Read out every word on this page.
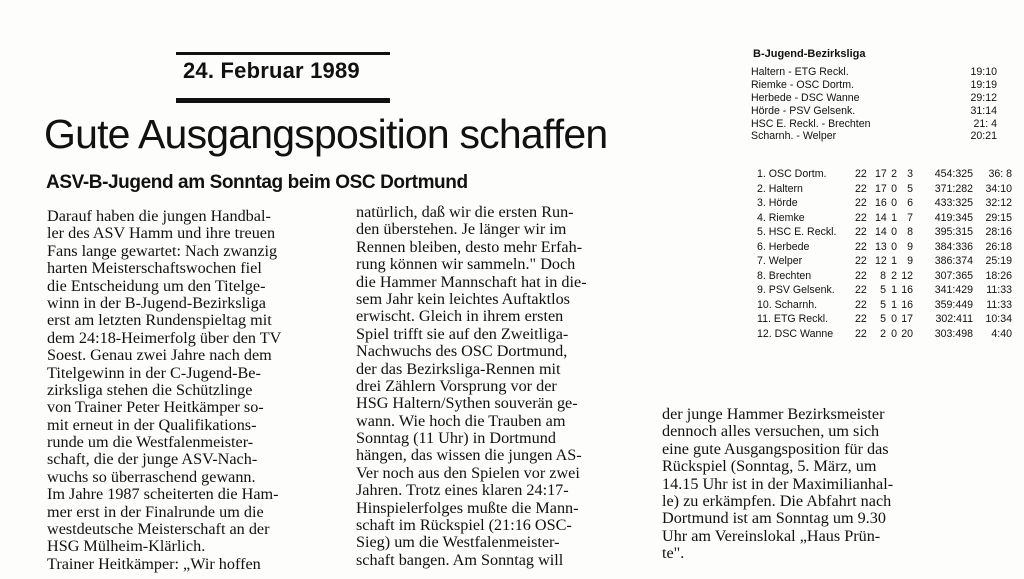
24. Februar 1989
Gute Ausgangsposition schaffen
ASV-B-Jugend am Sonntag beim OSC Dortmund
Darauf haben die jungen Handbal-
ler des ASV Hamm und ihre treuen
Fans lange gewartet: Nach zwanzig
harten Meisterschaftswochen fiel
die Entscheidung um den Titelge-
winn in der B-Jugend-Bezirksliga
erst am letzten Rundenspieltag mit
dem 24:18-Heimerfolg über den TV
Soest. Genau zwei Jahre nach dem
Titelgewinn in der C-Jugend-Be-
zirksliga stehen die Schützlinge
von Trainer Peter Heitkämper so-
mit erneut in der Qualifikations-
runde um die Westfalenmeister-
schaft, die der junge ASV-Nach-
wuchs so überraschend gewann.
Im Jahre 1987 scheiterten die Ham-
mer erst in der Finalrunde um die
westdeutsche Meisterschaft an der
HSG Mülheim-Klärlich.
Trainer Heitkämper: „Wir hoffen
natürlich, daß wir die ersten Run-
den überstehen. Je länger wir im
Rennen bleiben, desto mehr Erfah-
rung können wir sammeln." Doch
die Hammer Mannschaft hat in die-
sem Jahr kein leichtes Auftaktlos
erwischt. Gleich in ihrem ersten
Spiel trifft sie auf den Zweitliga-
Nachwuchs des OSC Dortmund,
der das Bezirksliga-Rennen mit
drei Zählern Vorsprung vor der
HSG Haltern/Sythen souverän ge-
wann. Wie hoch die Trauben am
Sonntag (11 Uhr) in Dortmund
hängen, das wissen die jungen AS-
Ver noch aus den Spielen vor zwei
Jahren. Trotz eines klaren 24:17-
Hinspielerfolges mußte die Mann-
schaft im Rückspiel (21:16 OSC-
Sieg) um die Westfalenmeister-
schaft bangen. Am Sonntag will
der junge Hammer Bezirksmeister
dennoch alles versuchen, um sich
eine gute Ausgangsposition für das
Rückspiel (Sonntag, 5. März, um
14.15 Uhr ist in der Maximilianhal-
le) zu erkämpfen. Die Abfahrt nach
Dortmund ist am Sonntag um 9.30
Uhr am Vereinslokal „Haus Prün-
te".
B-Jugend-Bezirksliga
Haltern - ETG Reckl.	19:10
Riemke - OSC Dortm.	19:19
Herbede - DSC Wanne	29:12
Hörde - PSV Gelsenk.	31:14
HSC E. Reckl. - Brechten	21: 4
Scharnh. - Welper	20:21
1. OSC Dortm.	22 17 2 3	454:325	36: 8
2. Haltern	22 17 0 5	371:282	34:10
3. Hörde	22 16 0 6	433:325	32:12
4. Riemke	22 14 1 7	419:345	29:15
5. HSC E. Reckl.	22 14 0 8	395:315	28:16
6. Herbede	22 13 0 9	384:336	26:18
7. Welper	22 12 1 9	386:374	25:19
8. Brechten	22	8 2 12	307:365	18:26
9. PSV Gelsenk.	22	5 1 16	341:429	11:33
10. Scharnh.	22	5 1 16	359:449	11:33
11. ETG Reckl.	22	5 0 17	302:411	10:34
12. DSC Wanne	22	2 0 20	303:498	4:40
